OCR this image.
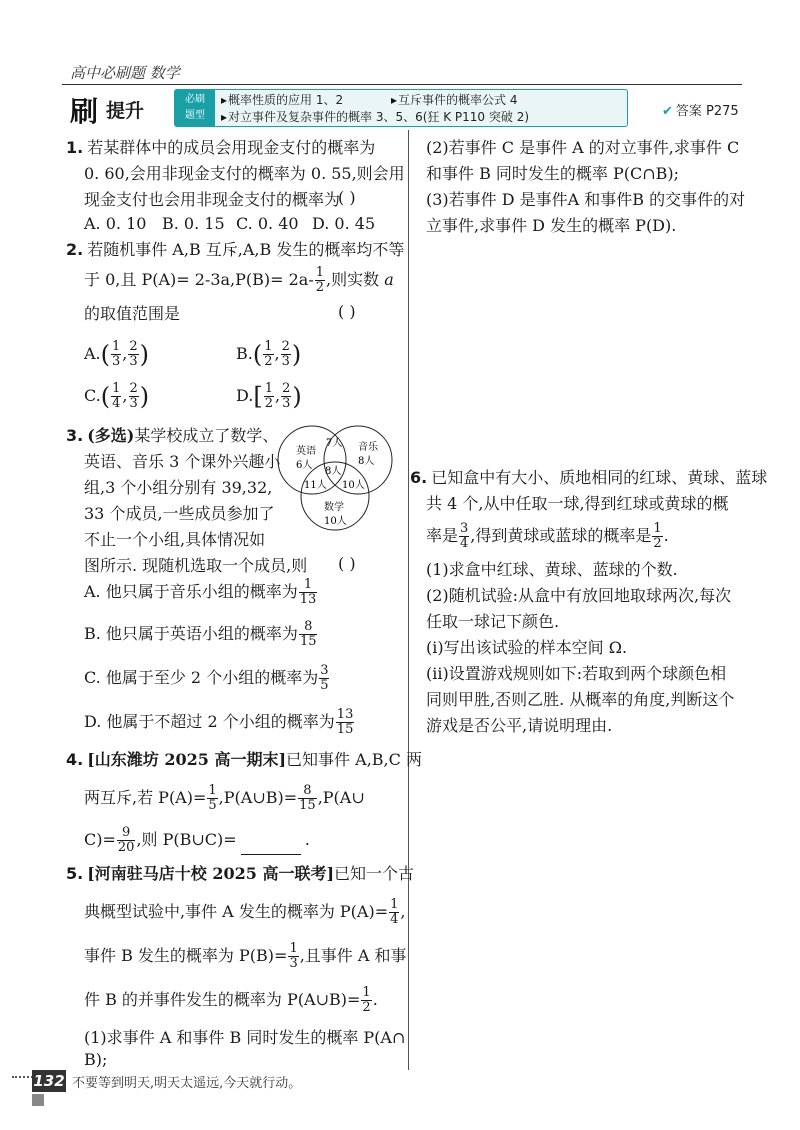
高中必刷题 数学
刷 提升
必刷
题型
▸ 概率性质的应用 1、2
▸	互斥事件的概率公式 4
▸ 对立事件及复杂事件的概率 3、5、6(狂 K P110 突破 2)	✔ 答案 P275
1. 若某群体中的成员会用现金支付的概率为
0. 60,会用非现金支付的概率为 0. 55,则会用
现金支付也会用非现金支付的概率为
( )
A. 0. 10 B. 0. 15 C. 0. 40 D. 0. 45
2. 若随机事件 A,B 互斥,A,B 发生的概率均不等
于 0,且 $P(A)= 2-3a,P(B)= 2a- \frac{1}{2}$ ,则实数 a
的取值范围是	( )
$A.( \frac{1}{3}$ , $\frac{2}{3}$ )	$B.( \frac{1}{2}$ , $\frac{2}{3}$ )
$C.( \frac{1}{4}$ , $\frac{2}{3}$ )	$D.[ \frac{1}{2}$ , $\frac{2}{3}$ )
3. (多选)某学校成立了数学、
英语、音乐 3 个课外兴趣小
组,3 个小组分别有 39,32,
33 个成员,一些成员参加了
不止一个小组,具体情况如
图所示. 现随机选取一个成员,则 ( )
英语
6人
音乐
8人
7人
8人
11人 10人
数学
10人
A. 他只属于音乐小组的概率为 $\frac{1}{13}$
B. 他只属于英语小组的概率为 $\frac{8}{15}$
C. 他属于至少 2 个小组的概率为 $\frac{3}{5}$
D. 他属于不超过 2 个小组的概率为 $\frac{13}{15}$
4. [山东潍坊 2025 高一期末]已知事件 A,B,C 两
两互斥,若 $P(A)= \frac{1}{5}$ ,P(A∪B)= $\frac{8}{15}$ ,P(A∪
$C)= \frac{9}{20}$ ,则 P(B∪C)=	.
5. [河南驻马店十校 2025 高一联考]已知一个古
典概型试验中,事件 A 发生的概率为 $P(A)= \frac{1}{4}$ ,
事件 B 发生的概率为 $P(B)= \frac{1}{3}$ ,且事件 A 和事
件 B 的并事件发生的概率为 P(A∪B)= $\frac{1}{2}$ .
(1)求事件 A 和事件 B 同时发生的概率 P(A∩
B);
(2)若事件 C 是事件 A 的对立事件,求事件 C
和事件 B 同时发生的概率 P(C∩B);
(3)若事件 D 是事件A 和事件B 的交事件的对
立事件,求事件 D 发生的概率 P(D).
6. 已知盒中有大小、质地相同的红球、黄球、蓝球
共 4 个,从中任取一球,得到红球或黄球的概
率是 $\frac{3}{4}$ ,得到黄球或蓝球的概率是 $\frac{1}{2}$ .
(1)求盒中红球、黄球、蓝球的个数.
(2)随机试验:从盒中有放回地取球两次,每次
任取一球记下颜色.
(i)写出该试验的样本空间 Ω.
(ii)设置游戏规则如下:若取到两个球颜色相
同则甲胜,否则乙胜. 从概率的角度,判断这个
游戏是否公平,请说明理由.
132 不要等到明天,明天太遥远,今天就行动。
